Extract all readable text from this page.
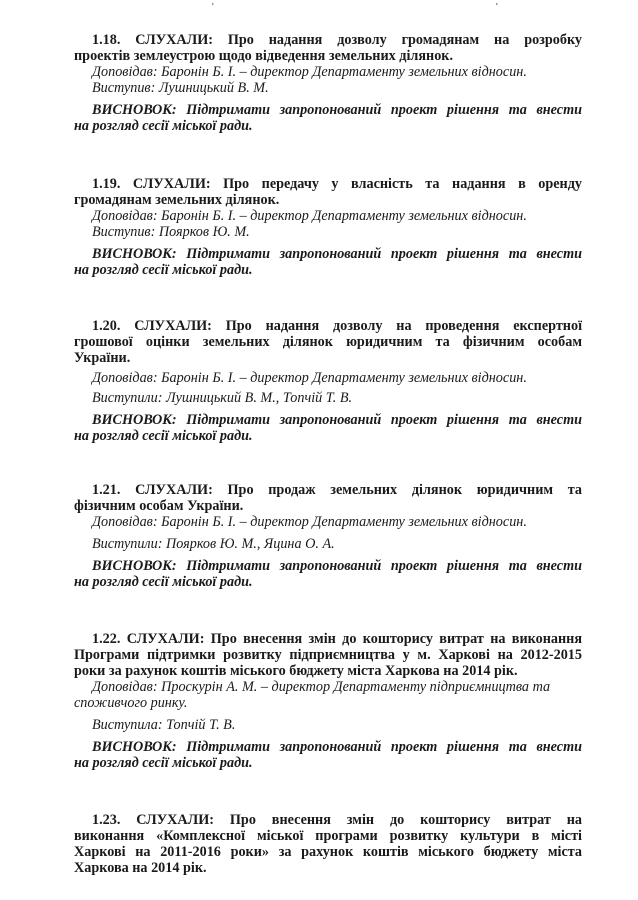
'	'
1.18. СЛУХАЛИ: Про надання дозволу громадянам на розробку
проектів землеустрою щодо відведення земельних ділянок.

Доповідав: Баронін Б. І. – директор Департаменту земельних відносин.

Виступив: Лушницький В. М.

ВИСНОВОК: Підтримати запропонований проект рішення та внести

на розгляд сесії міської ради.

1.19. СЛУХАЛИ: Про передачу у власність та надання в оренду
громадянам земельних ділянок.

Доповідав: Баронін Б. І. – директор Департаменту земельних відносин.

Виступив: Поярков Ю. М.

ВИСНОВОК: Підтримати запропонований проект рішення та внести

на розгляд сесії міської ради.

1.20. СЛУХАЛИ: Про надання дозволу на проведення експертної
грошової оцінки земельних ділянок юридичним та фізичним особам
України.

Доповідав: Баронін Б. І. – директор Департаменту земельних відносин.

Виступили: Лушницький В. М., Топчій Т. В.

ВИСНОВОК: Підтримати запропонований проект рішення та внести

на розгляд сесії міської ради.

1.21. СЛУХАЛИ: Про продаж земельних ділянок юридичним та
фізичним особам України.

Доповідав: Баронін Б. І. – директор Департаменту земельних відносин.

Виступили: Поярков Ю. М., Яцина О. А.

ВИСНОВОК: Підтримати запропонований проект рішення та внести

на розгляд сесії міської ради.

1.22. СЛУХАЛИ: Про внесення змін до кошторису витрат на виконання
Програми підтримки розвитку підприємництва у м. Харкові на 2012-2015
роки за рахунок коштів міського бюджету міста Харкова на 2014 рік.

Доповідав: Проскурін А. М. – директор Департаменту підприємництва та

споживчого ринку.

Виступила: Топчій Т. В.

ВИСНОВОК: Підтримати запропонований проект рішення та внести

на розгляд сесії міської ради.

1.23. СЛУХАЛИ: Про внесення змін до кошторису витрат на
виконання «Комплексної міської програми розвитку культури в місті
Харкові на 2011-2016 роки» за рахунок коштів міського бюджету міста
Харкова на 2014 рік.
